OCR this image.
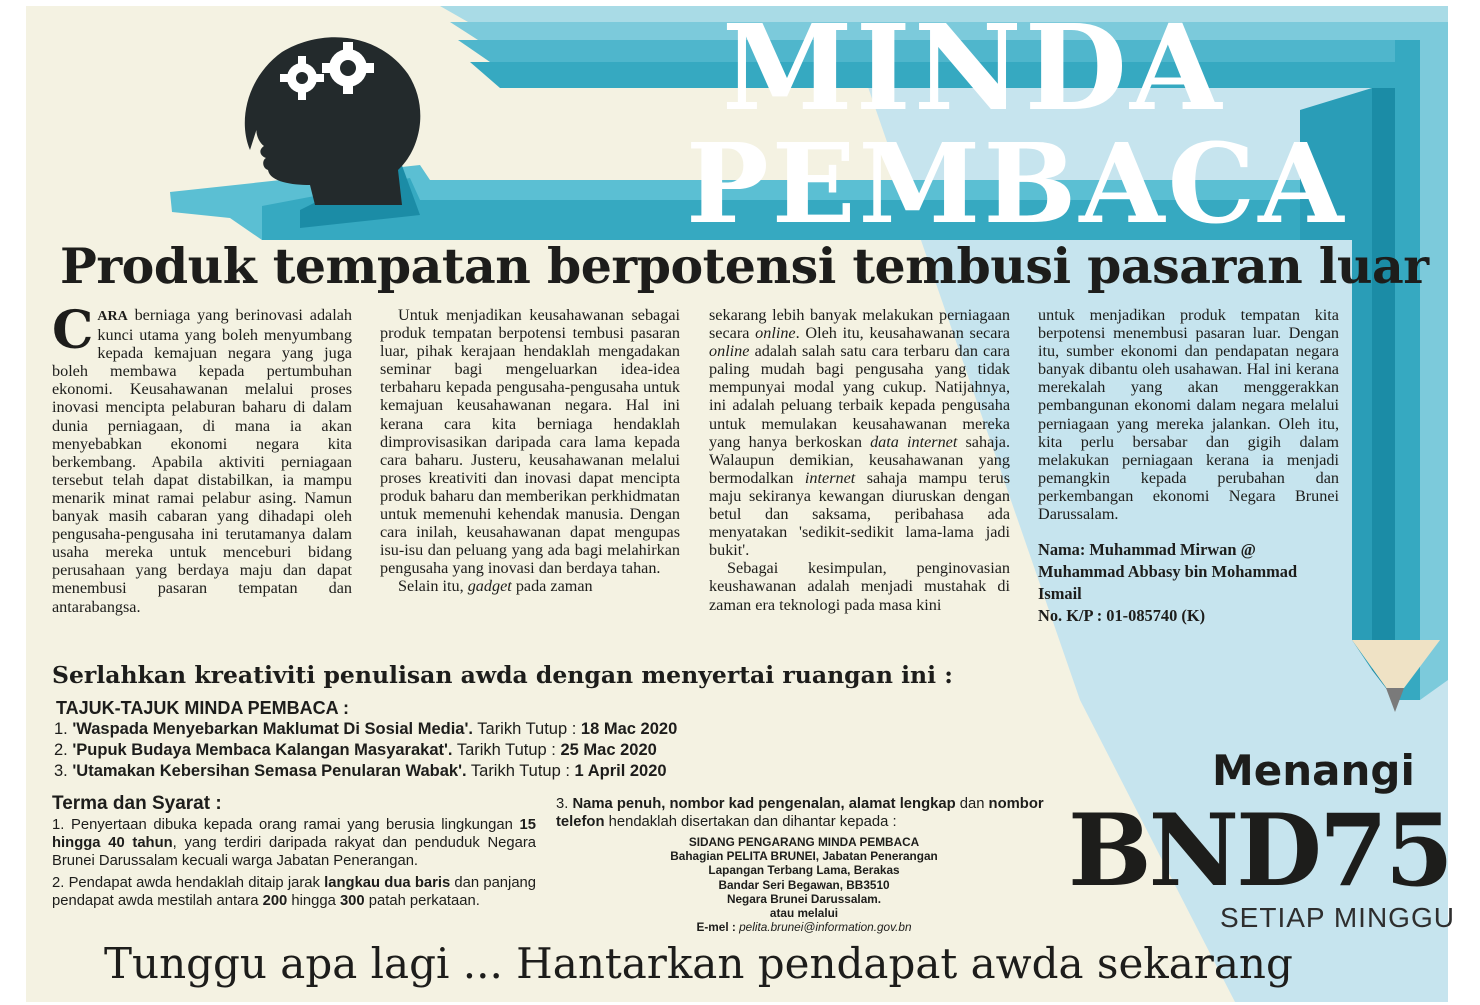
MINDA
PEMBACA
Produk tempatan berpotensi tembusi pasaran luar

CARA berniaga yang berinovasi adalah kunci utama yang boleh menyumbang kepada kemajuan negara yang juga boleh membawa kepada pertumbuhan ekonomi. Keusahawanan melalui proses inovasi mencipta pelaburan baharu di dalam dunia perniagaan, di mana ia akan menyebabkan ekonomi negara kita berkembang. Apabila aktiviti perniagaan tersebut telah dapat distabilkan, ia mampu menarik minat ramai pelabur asing. Namun banyak masih cabaran yang dihadapi oleh pengusaha-pengusaha ini terutamanya dalam usaha mereka untuk menceburi bidang perusahaan yang berdaya maju dan dapat menembusi pasaran tempatan dan antarabangsa.

Untuk menjadikan keusahawanan sebagai produk tempatan berpotensi tembusi pasaran luar, pihak kerajaan hendaklah mengadakan seminar bagi mengeluarkan idea-idea terbaharu kepada pengusaha-pengusaha untuk kemajuan keusahawanan negara. Hal ini kerana cara kita berniaga hendaklah dimprovisasikan daripada cara lama kepada cara baharu. Justeru, keusahawanan melalui proses kreativiti dan inovasi dapat mencipta produk baharu dan memberikan perkhidmatan untuk memenuhi kehendak manusia. Dengan cara inilah, keusahawanan dapat mengupas isu-isu dan peluang yang ada bagi melahirkan pengusaha yang inovasi dan berdaya tahan.

Selain itu, gadget pada zaman

sekarang lebih banyak melakukan perniagaan secara online. Oleh itu, keusahawanan secara online adalah salah satu cara terbaru dan cara paling mudah bagi pengusaha yang tidak mempunyai modal yang cukup. Natijahnya, ini adalah peluang terbaik kepada pengusaha untuk memulakan keusahawanan mereka yang hanya berkoskan data internet sahaja. Walaupun demikian, keusahawanan yang bermodalkan internet sahaja mampu terus maju sekiranya kewangan diuruskan dengan betul dan saksama, peribahasa ada menyatakan 'sedikit-sedikit lama-lama jadi bukit'.

Sebagai kesimpulan, penginovasian keushawanan adalah menjadi mustahak di zaman era teknologi pada masa kini

untuk menjadikan produk tempatan kita berpotensi menembusi pasaran luar. Dengan itu, sumber ekonomi dan pendapatan negara banyak dibantu oleh usahawan. Hal ini kerana merekalah yang akan menggerakkan pembangunan ekonomi dalam negara melalui perniagaan yang mereka jalankan. Oleh itu, kita perlu bersabar dan gigih dalam melakukan perniagaan kerana ia menjadi pemangkin kepada perubahan dan perkembangan ekonomi Negara Brunei Darussalam.

Nama: Muhammad Mirwan @ Muhammad Abbasy bin Mohammad Ismail
No. K/P : 01-085740 (K)
Serlahkan kreativiti penulisan awda dengan menyertai ruangan ini :
TAJUK-TAJUK MINDA PEMBACA :
1. 'Waspada Menyebarkan Maklumat Di Sosial Media'. Tarikh Tutup : 18 Mac 2020
2. 'Pupuk Budaya Membaca Kalangan Masyarakat'. Tarikh Tutup : 25 Mac 2020
3. 'Utamakan Kebersihan Semasa Penularan Wabak'. Tarikh Tutup : 1 April 2020
Terma dan Syarat :

1. Penyertaan dibuka kepada orang ramai yang berusia lingkungan 15 hingga 40 tahun, yang terdiri daripada rakyat dan penduduk Negara Brunei Darussalam kecuali warga Jabatan Penerangan.

2. Pendapat awda hendaklah ditaip jarak langkau dua baris dan panjang pendapat awda mestilah antara 200 hingga 300 patah perkataan.

3. Nama penuh, nombor kad pengenalan, alamat lengkap dan nombor telefon hendaklah disertakan dan dihantar kepada :
SIDANG PENGARANG MINDA PEMBACA
Bahagian PELITA BRUNEI, Jabatan Penerangan
Lapangan Terbang Lama, Berakas
Bandar Seri Begawan, BB3510
Negara Brunei Darussalam.
atau melalui
E-mel : pelita.brunei@information.gov.bn
Menangi
BND75
SETIAP MINGGU
Tunggu apa lagi ... Hantarkan pendapat awda sekarang
